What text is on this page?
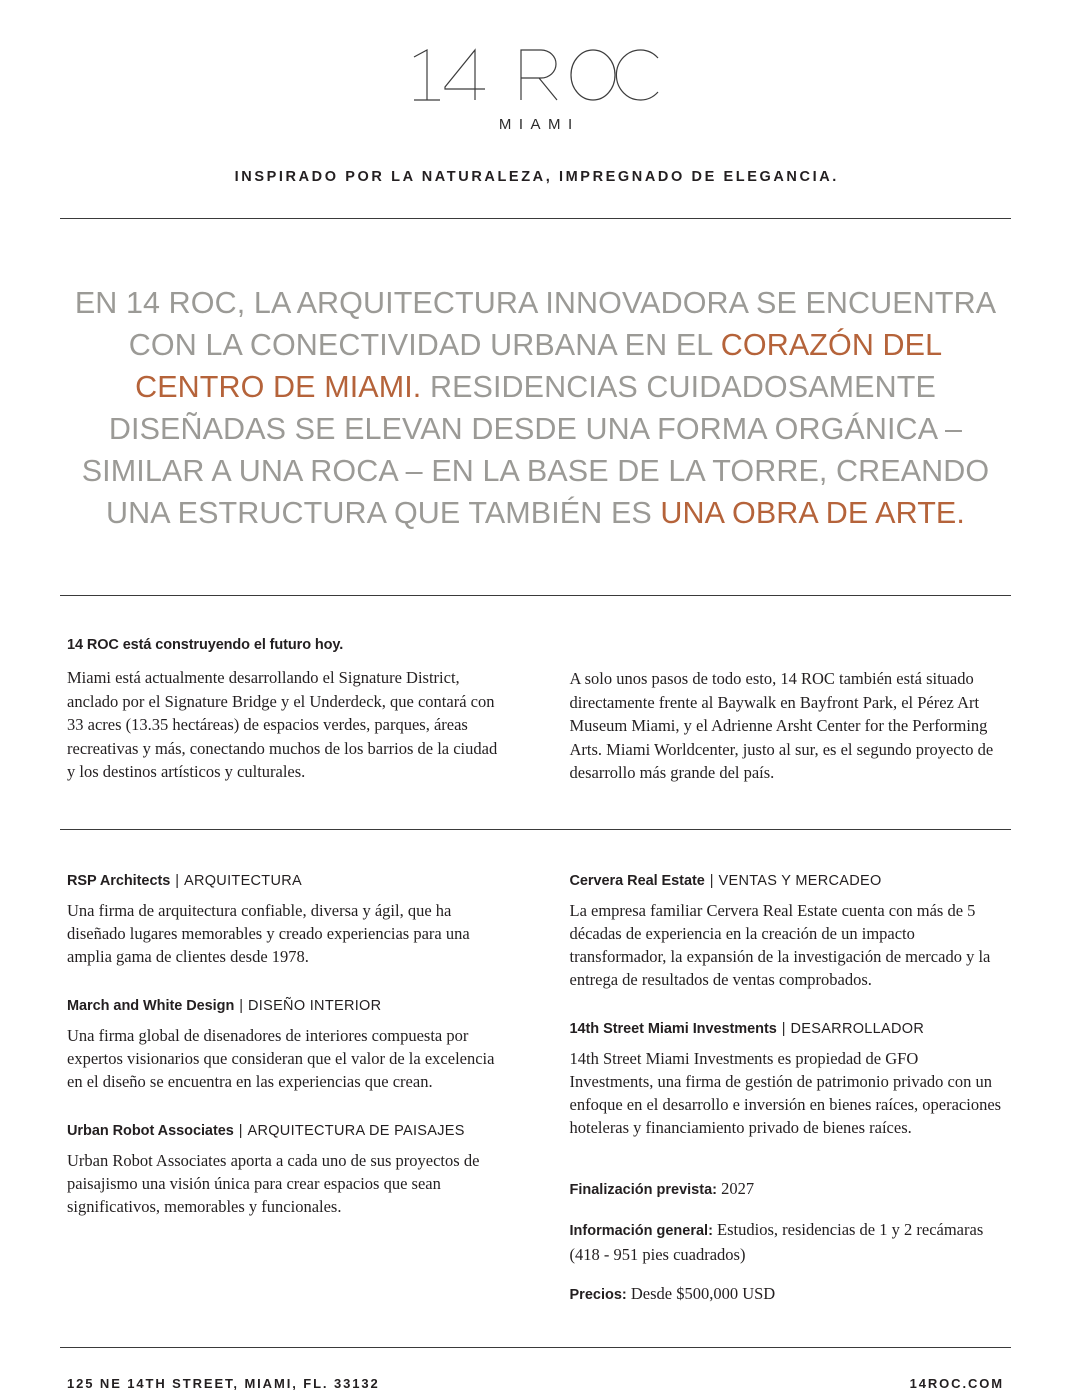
MIAMI
INSPIRADO POR LA NATURALEZA, IMPREGNADO DE ELEGANCIA.

EN 14 ROC, LA ARQUITECTURA INNOVADORA SE ENCUENTRA CON LA CONECTIVIDAD URBANA EN EL CORAZÓN DEL CENTRO DE MIAMI. RESIDENCIAS CUIDADOSAMENTE DISEÑADAS SE ELEVAN DESDE UNA FORMA ORGÁNICA – SIMILAR A UNA ROCA – EN LA BASE DE LA TORRE, CREANDO UNA ESTRUCTURA QUE TAMBIÉN ES UNA OBRA DE ARTE.

14 ROC está construyendo el futuro hoy.

Miami está actualmente desarrollando el Signature District, anclado por el Signature Bridge y el Underdeck, que contará con 33 acres (13.35 hectáreas) de espacios verdes, parques, áreas recreativas y más, conectando muchos de los barrios de la ciudad y los destinos artísticos y culturales.

A solo unos pasos de todo esto, 14 ROC también está situado directamente frente al Baywalk en Bayfront Park, el Pérez Art Museum Miami, y el Adrienne Arsht Center for the Performing Arts. Miami Worldcenter, justo al sur, es el segundo proyecto de desarrollo más grande del país.

RSP Architects | ARQUITECTURA

Una firma de arquitectura confiable, diversa y ágil, que ha diseñado lugares memorables y creado experiencias para una amplia gama de clientes desde 1978.

March and White Design | DISEÑO INTERIOR

Una firma global de disenadores de interiores compuesta por expertos visionarios que consideran que el valor de la excelencia en el diseño se encuentra en las experiencias que crean.

Urban Robot Associates | ARQUITECTURA DE PAISAJES

Urban Robot Associates aporta a cada uno de sus proyectos de paisajismo una visión única para crear espacios que sean significativos, memorables y funcionales.

Cervera Real Estate | VENTAS Y MERCADEO

La empresa familiar Cervera Real Estate cuenta con más de 5 décadas de experiencia en la creación de un impacto transformador, la expansión de la investigación de mercado y la entrega de resultados de ventas comprobados.

14th Street Miami Investments | DESARROLLADOR

14th Street Miami Investments es propiedad de GFO Investments, una firma de gestión de patrimonio privado con un enfoque en el desarrollo e inversión en bienes raíces, operaciones hoteleras y financiamiento privado de bienes raíces.

Finalización prevista: 2027

Información general: Estudios, residencias de 1 y 2 recámaras (418 - 951 pies cuadrados)

Precios: Desde $500,000 USD

125 NE 14TH STREET, MIAMI, FL. 33132	14ROC.COM
